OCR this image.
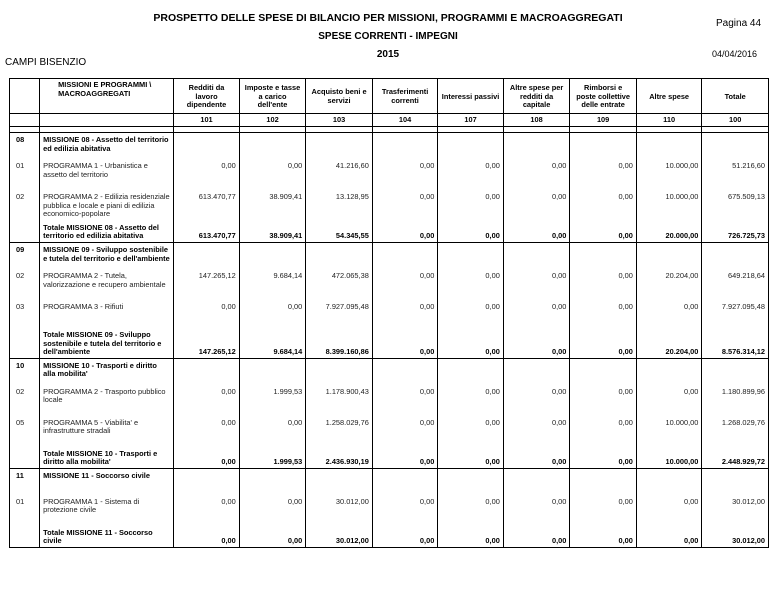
PROSPETTO DELLE SPESE DI BILANCIO PER MISSIONI, PROGRAMMI E MACROAGGREGATI	Pagina 44
SPESE CORRENTI - IMPEGNI
2015	04/04/2016
CAMPI BISENZIO
	MISSIONI E PROGRAMMI \ MACROAGGREGATI	Redditi da lavoro dipendente	Imposte e tasse a carico dell'ente	Acquisto beni e servizi	Trasferimenti correnti	Interessi passivi	Altre spese per redditi da capitale	Rimborsi e poste collettive delle entrate	Altre spese	Totale
		101	102	103	104	107	108	109	110	100

08	MISSIONE 08 - Assetto del territorio ed edilizia abitativa									
01	PROGRAMMA 1 - Urbanistica e assetto del territorio	0,00	0,00	41.216,60	0,00	0,00	0,00	0,00	10.000,00	51.216,60
02	PROGRAMMA 2 - Edilizia residenziale pubblica e locale e piani di edilizia economico-popolare	613.470,77	38.909,41	13.128,95	0,00	0,00	0,00	0,00	10.000,00	675.509,13
	Totale MISSIONE 08 - Assetto del territorio ed edilizia abitativa	613.470,77	38.909,41	54.345,55	0,00	0,00	0,00	0,00	20.000,00	726.725,73
09	MISSIONE 09 - Sviluppo sostenibile e tutela del territorio e dell'ambiente									
02	PROGRAMMA 2 - Tutela, valorizzazione e recupero ambientale	147.265,12	9.684,14	472.065,38	0,00	0,00	0,00	0,00	20.204,00	649.218,64
03	PROGRAMMA 3 - Rifiuti	0,00	0,00	7.927.095,48	0,00	0,00	0,00	0,00	0,00	7.927.095,48
	Totale MISSIONE 09 - Sviluppo sostenibile e tutela del territorio e dell'ambiente	147.265,12	9.684,14	8.399.160,86	0,00	0,00	0,00	0,00	20.204,00	8.576.314,12
10	MISSIONE 10 - Trasporti e diritto alla mobilita'									
02	PROGRAMMA 2 - Trasporto pubblico locale	0,00	1.999,53	1.178.900,43	0,00	0,00	0,00	0,00	0,00	1.180.899,96
05	PROGRAMMA 5 - Viabilita' e infrastrutture stradali	0,00	0,00	1.258.029,76	0,00	0,00	0,00	0,00	10.000,00	1.268.029,76
	Totale MISSIONE 10 - Trasporti e diritto alla mobilita'	0,00	1.999,53	2.436.930,19	0,00	0,00	0,00	0,00	10.000,00	2.448.929,72
11	MISSIONE 11 - Soccorso civile									
01	PROGRAMMA 1 - Sistema di protezione civile	0,00	0,00	30.012,00	0,00	0,00	0,00	0,00	0,00	30.012,00
	Totale MISSIONE 11 - Soccorso civile	0,00	0,00	30.012,00	0,00	0,00	0,00	0,00	0,00	30.012,00
